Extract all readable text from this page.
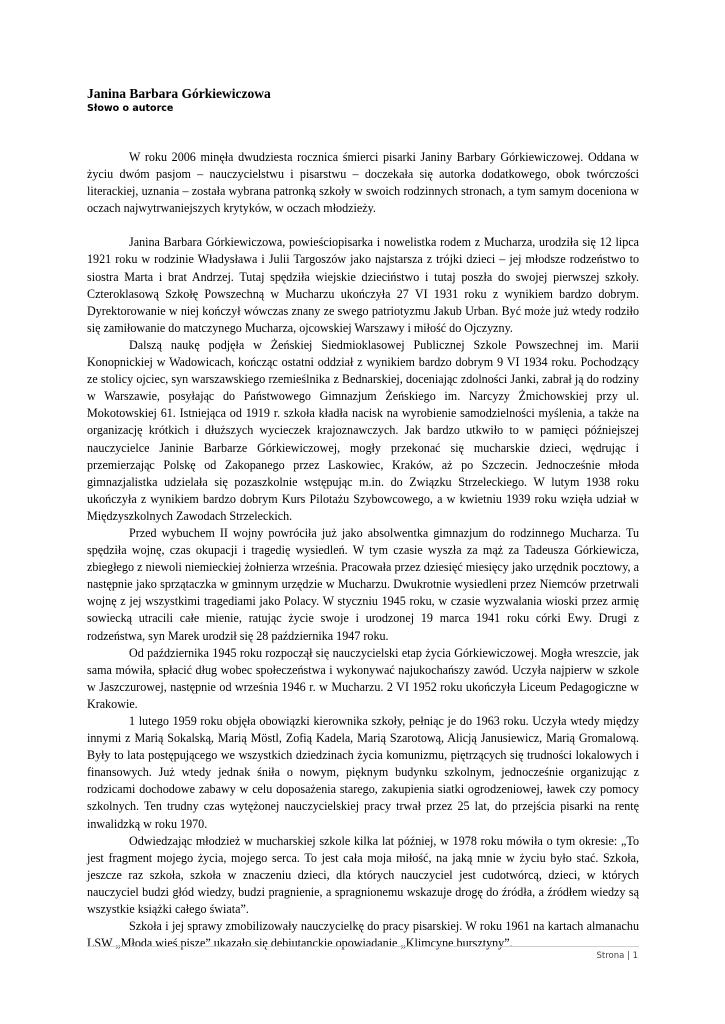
Janina Barbara Górkiewiczowa
Słowo o autorce

W roku 2006 minęła dwudziesta rocznica śmierci pisarki Janiny Barbary Górkiewiczowej. Oddana w życiu dwóm pasjom – nauczycielstwu i pisarstwu – doczekała się autorka dodatkowego, obok twórczości literackiej, uznania – została wybrana patronką szkoły w swoich rodzinnych stronach, a tym samym doceniona w oczach najwytrwaniejszych krytyków, w oczach młodzieży.

Janina Barbara Górkiewiczowa, powieściopisarka i nowelistka rodem z Mucharza, urodziła się 12 lipca 1921 roku w rodzinie Władysława i Julii Targoszów jako najstarsza z trójki dzieci – jej młodsze rodzeństwo to siostra Marta i brat Andrzej. Tutaj spędziła wiejskie dzieciństwo i tutaj poszła do swojej pierwszej szkoły. Czteroklasową Szkołę Powszechną w Mucharzu ukończyła 27 VI 1931 roku z wynikiem bardzo dobrym. Dyrektorowanie w niej kończył wówczas znany ze swego patriotyzmu Jakub Urban. Być może już wtedy rodziło się zamiłowanie do matczynego Mucharza, ojcowskiej Warszawy i miłość do Ojczyzny.

Dalszą naukę podjęła w Żeńskiej Siedmioklasowej Publicznej Szkole Powszechnej im. Marii Konopnickiej w Wadowicach, kończąc ostatni oddział z wynikiem bardzo dobrym 9 VI 1934 roku. Pochodzący ze stolicy ojciec, syn warszawskiego rzemieślnika z Bednarskiej, doceniając zdolności Janki, zabrał ją do rodziny w Warszawie, posyłając do Państwowego Gimnazjum Żeńskiego im. Narcyzy Żmichowskiej przy ul. Mokotowskiej 61. Istniejąca od 1919 r. szkoła kładła nacisk na wyrobienie samodzielności myślenia, a także na organizację krótkich i dłuższych wycieczek krajoznawczych. Jak bardzo utkwiło to w pamięci późniejszej nauczycielce Janinie Barbarze Górkiewiczowej, mogły przekonać się mucharskie dzieci, wędrując i przemierzając Polskę od Zakopanego przez Laskowiec, Kraków, aż po Szczecin. Jednocześnie młoda gimnazjalistka udzielała się pozaszkolnie wstępując m.in. do Związku Strzeleckiego. W lutym 1938 roku ukończyła z wynikiem bardzo dobrym Kurs Pilotażu Szybowcowego, a w kwietniu 1939 roku wzięła udział w Międzyszkolnych Zawodach Strzeleckich.

Przed wybuchem II wojny powróciła już jako absolwentka gimnazjum do rodzinnego Mucharza. Tu spędziła wojnę, czas okupacji i tragedię wysiedleń. W tym czasie wyszła za mąż za Tadeusza Górkiewicza, zbiegłego z niewoli niemieckiej żołnierza września. Pracowała przez dziesięć miesięcy jako urzędnik pocztowy, a następnie jako sprzątaczka w gminnym urzędzie w Mucharzu. Dwukrotnie wysiedleni przez Niemców przetrwali wojnę z jej wszystkimi tragediami jako Polacy. W styczniu 1945 roku, w czasie wyzwalania wioski przez armię sowiecką utracili całe mienie, ratując życie swoje i urodzonej 19 marca 1941 roku córki Ewy. Drugi z rodzeństwa, syn Marek urodził się 28 października 1947 roku.

Od października 1945 roku rozpoczął się nauczycielski etap życia Górkiewiczowej. Mogła wreszcie, jak sama mówiła, spłacić dług wobec społeczeństwa i wykonywać najukochańszy zawód. Uczyła najpierw w szkole w Jaszczurowej, następnie od września 1946 r. w Mucharzu. 2 VI 1952 roku ukończyła Liceum Pedagogiczne w Krakowie.

1 lutego 1959 roku objęła obowiązki kierownika szkoły, pełniąc je do 1963 roku. Uczyła wtedy między innymi z Marią Sokalską, Marią Möstl, Zofią Kadela, Marią Szarotową, Alicją Janusiewicz, Marią Gromalową. Były to lata postępującego we wszystkich dziedzinach życia komunizmu, piętrzących się trudności lokalowych i finansowych. Już wtedy jednak śniła o nowym, pięknym budynku szkolnym, jednocześnie organizując z rodzicami dochodowe zabawy w celu doposażenia starego, zakupienia siatki ogrodzeniowej, ławek czy pomocy szkolnych. Ten trudny czas wytężonej nauczycielskiej pracy trwał przez 25 lat, do przejścia pisarki na rentę inwalidzką w roku 1970.

Odwiedzając młodzież w mucharskiej szkole kilka lat później, w 1978 roku mówiła o tym okresie: „To jest fragment mojego życia, mojego serca. To jest cała moja miłość, na jaką mnie w życiu było stać. Szkoła, jeszcze raz szkoła, szkoła w znaczeniu dzieci, dla których nauczyciel jest cudotwórcą, dzieci, w których nauczyciel budzi głód wiedzy, budzi pragnienie, a spragnionemu wskazuje drogę do źródła, a źródłem wiedzy są wszystkie książki całego świata”.

Szkoła i jej sprawy zmobilizowały nauczycielkę do pracy pisarskiej. W roku 1961 na kartach almanachu LSW „Młoda wieś pisze” ukazało się debiutanckie opowiadanie „Klimcyne bursztyny”.

Strona | 1
